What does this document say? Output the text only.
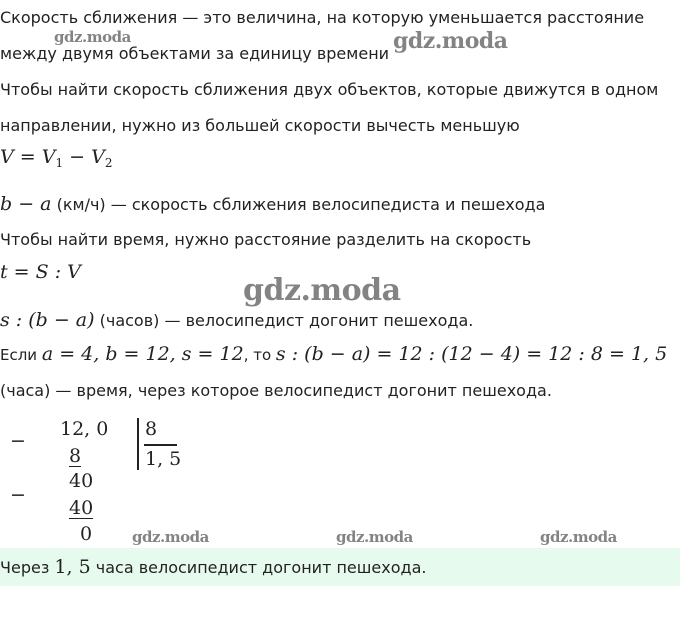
Скорость сближения — это величина, на которую уменьшается расстояние
между двумя объектами за единицу времени
Чтобы найти скорость сближения двух объектов, которые движутся в одном
направлении, нужно из большей скорости вычесть меньшую
$V = V_1 - V_2$
b − a (км/ч) — скорость сближения велосипедиста и пешехода
Чтобы найти время, нужно расстояние разделить на скорость
t = S : V
s : (b − a) (часов) — велосипедист догонит пешехода.
Если a = 4, b = 12, s = 12, то s : (b − a) = 12 : (12 − 4) = 12 : 8 = 1, 5
(часа) — время, через которое велосипедист догонит пешехода.
−
12, 0
8
−
40
40
0
8
1, 5
Через 1, 5 часа велосипедист догонит пешехода.
gdz.moda	gdz.moda
gdz.moda
gdz.moda	gdz.moda	gdz.moda
